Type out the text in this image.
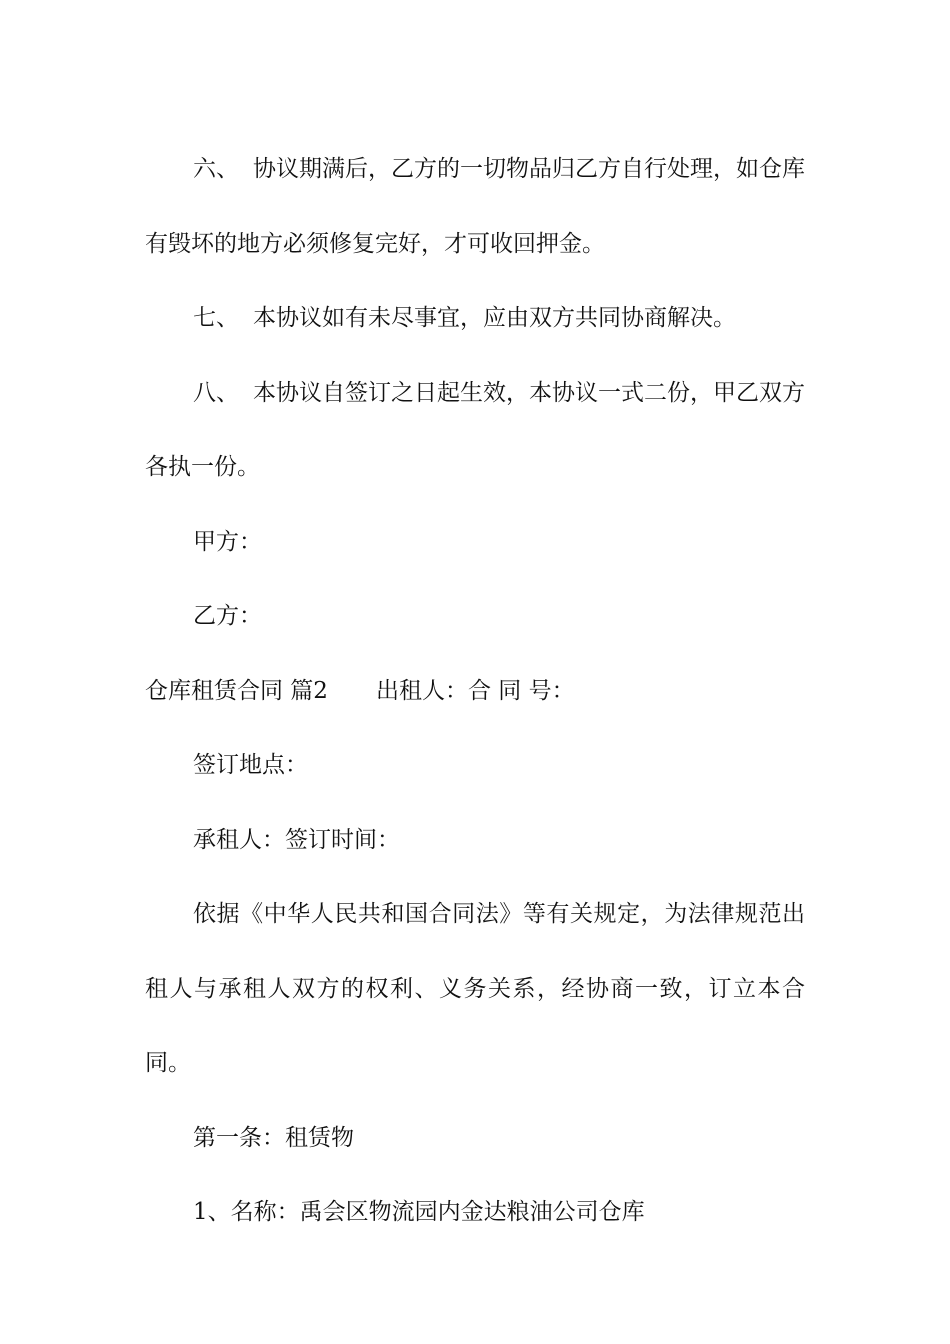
六、 协议期满后，乙方的一切物品归乙方自行处理，如仓库有毁坏的地方必须修复完好，才可收回押金。

七、 本协议如有未尽事宜，应由双方共同协商解决。

八、 本协议自签订之日起生效，本协议一式二份，甲乙双方各执一份。

甲方：

乙方：

仓库租赁合同 篇2 出租人：合 同 号：

签订地点：

承租人：签订时间：

依据《中华人民共和国合同法》等有关规定，为法律规范出租人与承租人双方的权利、义务关系，经协商一致，订立本合同。

第一条：租赁物

1、名称：禹会区物流园内金达粮油公司仓库
